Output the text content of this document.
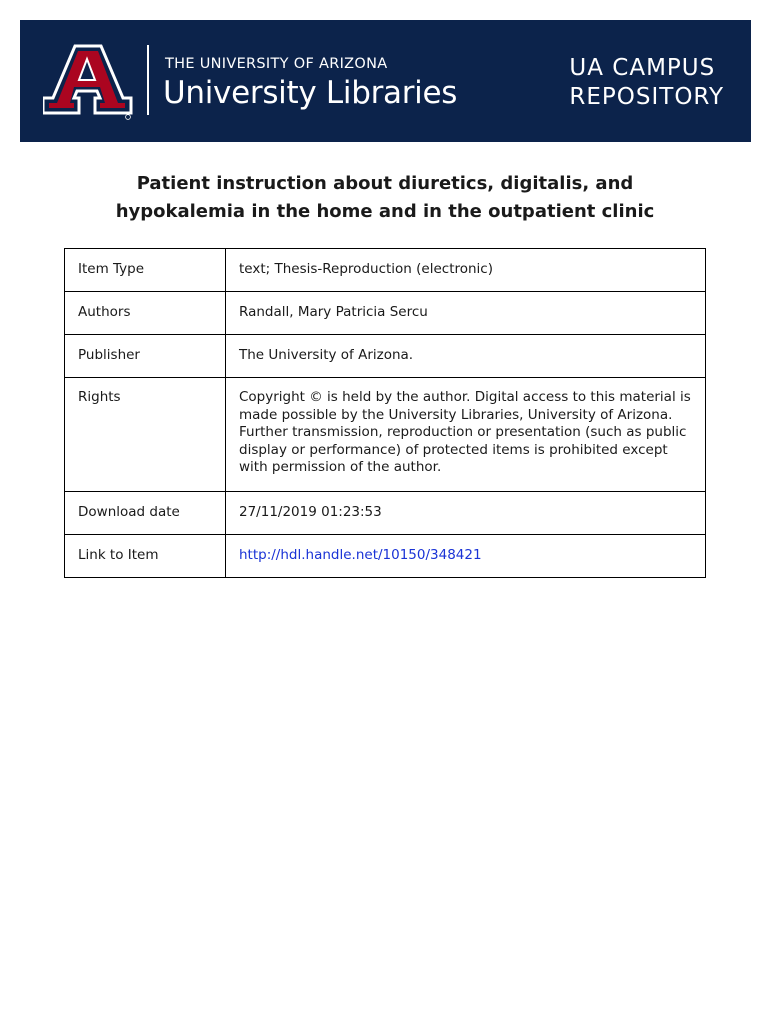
THE UNIVERSITY OF ARIZONA
University Libraries
UA CAMPUS
REPOSITORY
Patient instruction about diuretics, digitalis, and
hypokalemia in the home and in the outpatient clinic
Item Type	text; Thesis-Reproduction (electronic)
Authors	Randall, Mary Patricia Sercu
Publisher	The University of Arizona.
Rights	Copyright © is held by the author. Digital access to this material is made possible by the University Libraries, University of Arizona. Further transmission, reproduction or presentation (such as public display or performance) of protected items is prohibited except with permission of the author.
Download date	27/11/2019 01:23:53
Link to Item	http://hdl.handle.net/10150/348421
